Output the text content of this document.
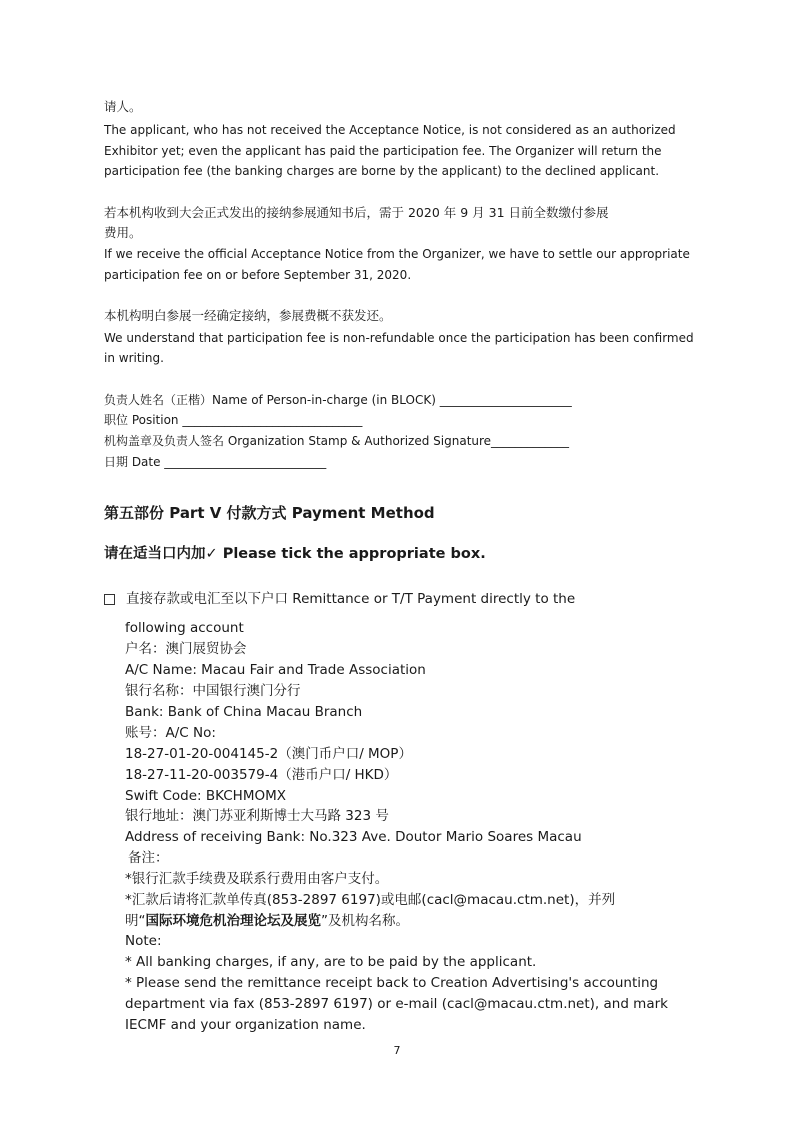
请人。
The applicant, who has not received the Acceptance Notice, is not considered as an authorized
Exhibitor yet; even the applicant has paid the participation fee. The Organizer will return the
participation fee (the banking charges are borne by the applicant) to the declined applicant.
若本机构收到大会正式发出的接纳参展通知书后，需于 2020 年 9 月 31 日前全数缴付参展
费用。
If we receive the official Acceptance Notice from the Organizer, we have to settle our appropriate
participation fee on or before September 31, 2020.
本机构明白参展一经确定接纳，参展费概不获发还。
We understand that participation fee is non-refundable once the participation has been confirmed
in writing.
负责人姓名（正楷）Name of Person-in-charge (in BLOCK) ______________________
职位 Position ______________________________
机构盖章及负责人签名 Organization Stamp & Authorized Signature_____________
日期 Date ___________________________
第五部份 Part V 付款方式 Payment Method
请在适当口内加✓ Please tick the appropriate box.
直接存款或电汇至以下户口 Remittance or T/T Payment directly to the
following account
户名：澳门展贸协会
A/C Name: Macau Fair and Trade Association
银行名称：中国银行澳门分行
Bank: Bank of China Macau Branch
账号：A/C No:
18-27-01-20-004145-2（澳门币户口/ MOP）
18-27-11-20-003579-4（港币户口/ HKD）
Swift Code: BKCHMOMX
银行地址：澳门苏亚利斯博士大马路 323 号
Address of receiving Bank: No.323 Ave. Doutor Mario Soares Macau
备注：
*银行汇款手续费及联系行费用由客户支付。
*汇款后请将汇款单传真(853-2897 6197)或电邮(cacl@macau.ctm.net)，并列
明“国际环境危机治理论坛及展览”及机构名称。
Note:
* All banking charges, if any, are to be paid by the applicant.
* Please send the remittance receipt back to Creation Advertising's accounting
department via fax (853-2897 6197) or e-mail (cacl@macau.ctm.net), and mark
IECMF and your organization name.
7
